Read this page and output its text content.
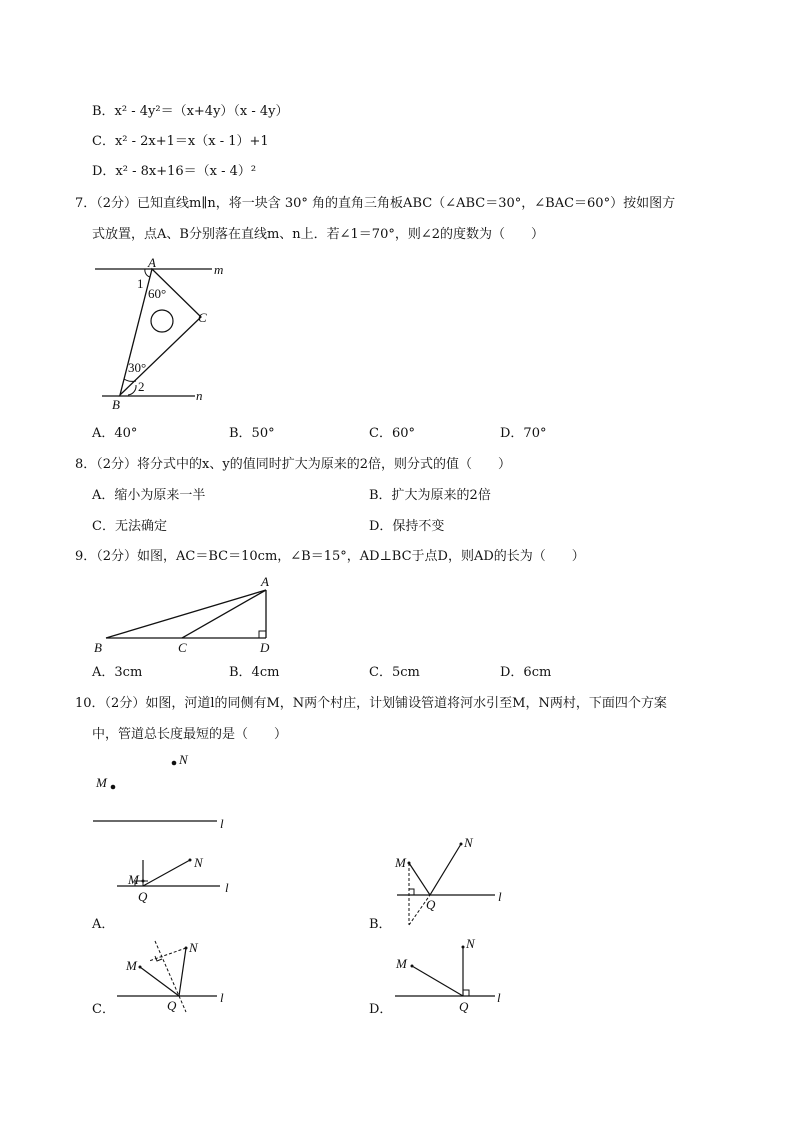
B．x² - 4y²＝（x+4y）（x - 4y）
C．x² - 2x+1＝x（x - 1）+1
D．x² - 8x+16＝（x - 4）²
7．（2分）已知直线m∥n，将一块含 30° 角的直角三角板ABC（∠ABC＝30°，∠BAC＝60°）按如图方
式放置，点A、B分别落在直线m、n上．若∠1＝70°，则∠2的度数为（　　）
A	m
1
60°
C
30°
2
B
n
A．40°	B．50°	C．60°	D．70°
8．（2分）将分式中的x、y的值同时扩大为原来的2倍，则分式的值（　　）
A．缩小为原来一半	B．扩大为原来的2倍
C．无法确定	D．保持不变
9．（2分）如图，AC＝BC＝10cm，∠B＝15°，AD⊥BC于点D，则AD的长为（　　）
A
B	C	D
A．3cm	B．4cm	C．5cm	D．6cm
10．（2分）如图，河道l的同侧有M，N两个村庄，计划铺设管道将河水引至M，N两村，下面四个方案
中，管道总长度最短的是（　　）
N
M
l
A．
M
N
Q
l
B．
M
N
Q
l
C．
M
N
Q
l
D．
M
N
Q
l
